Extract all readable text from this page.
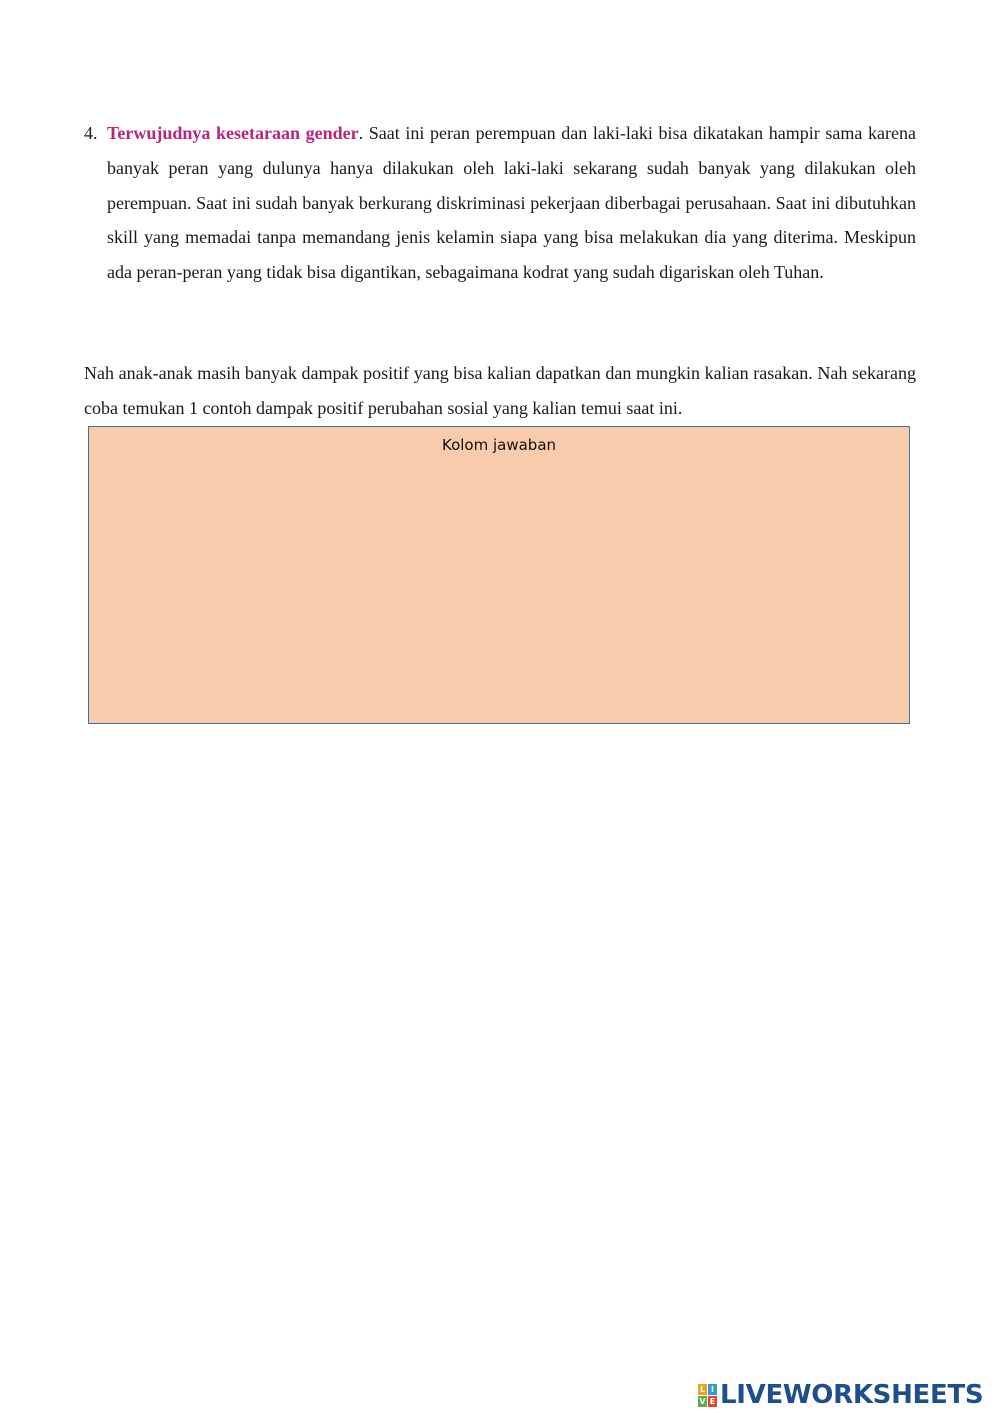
4. Terwujudnya kesetaraan gender. Saat ini peran perempuan dan laki-laki bisa dikatakan hampir sama karena banyak peran yang dulunya hanya dilakukan oleh laki-laki sekarang sudah banyak yang dilakukan oleh perempuan. Saat ini sudah banyak berkurang diskriminasi pekerjaan diberbagai perusahaan. Saat ini dibutuhkan skill yang memadai tanpa memandang jenis kelamin siapa yang bisa melakukan dia yang diterima. Meskipun ada peran-peran yang tidak bisa digantikan, sebagaimana kodrat yang sudah digariskan oleh Tuhan.

Nah anak-anak masih banyak dampak positif yang bisa kalian dapatkan dan mungkin kalian rasakan. Nah sekarang coba temukan 1 contoh dampak positif perubahan sosial yang kalian temui saat ini.

Kolom jawaban
L I
V E LIVEWORKSHEETS
